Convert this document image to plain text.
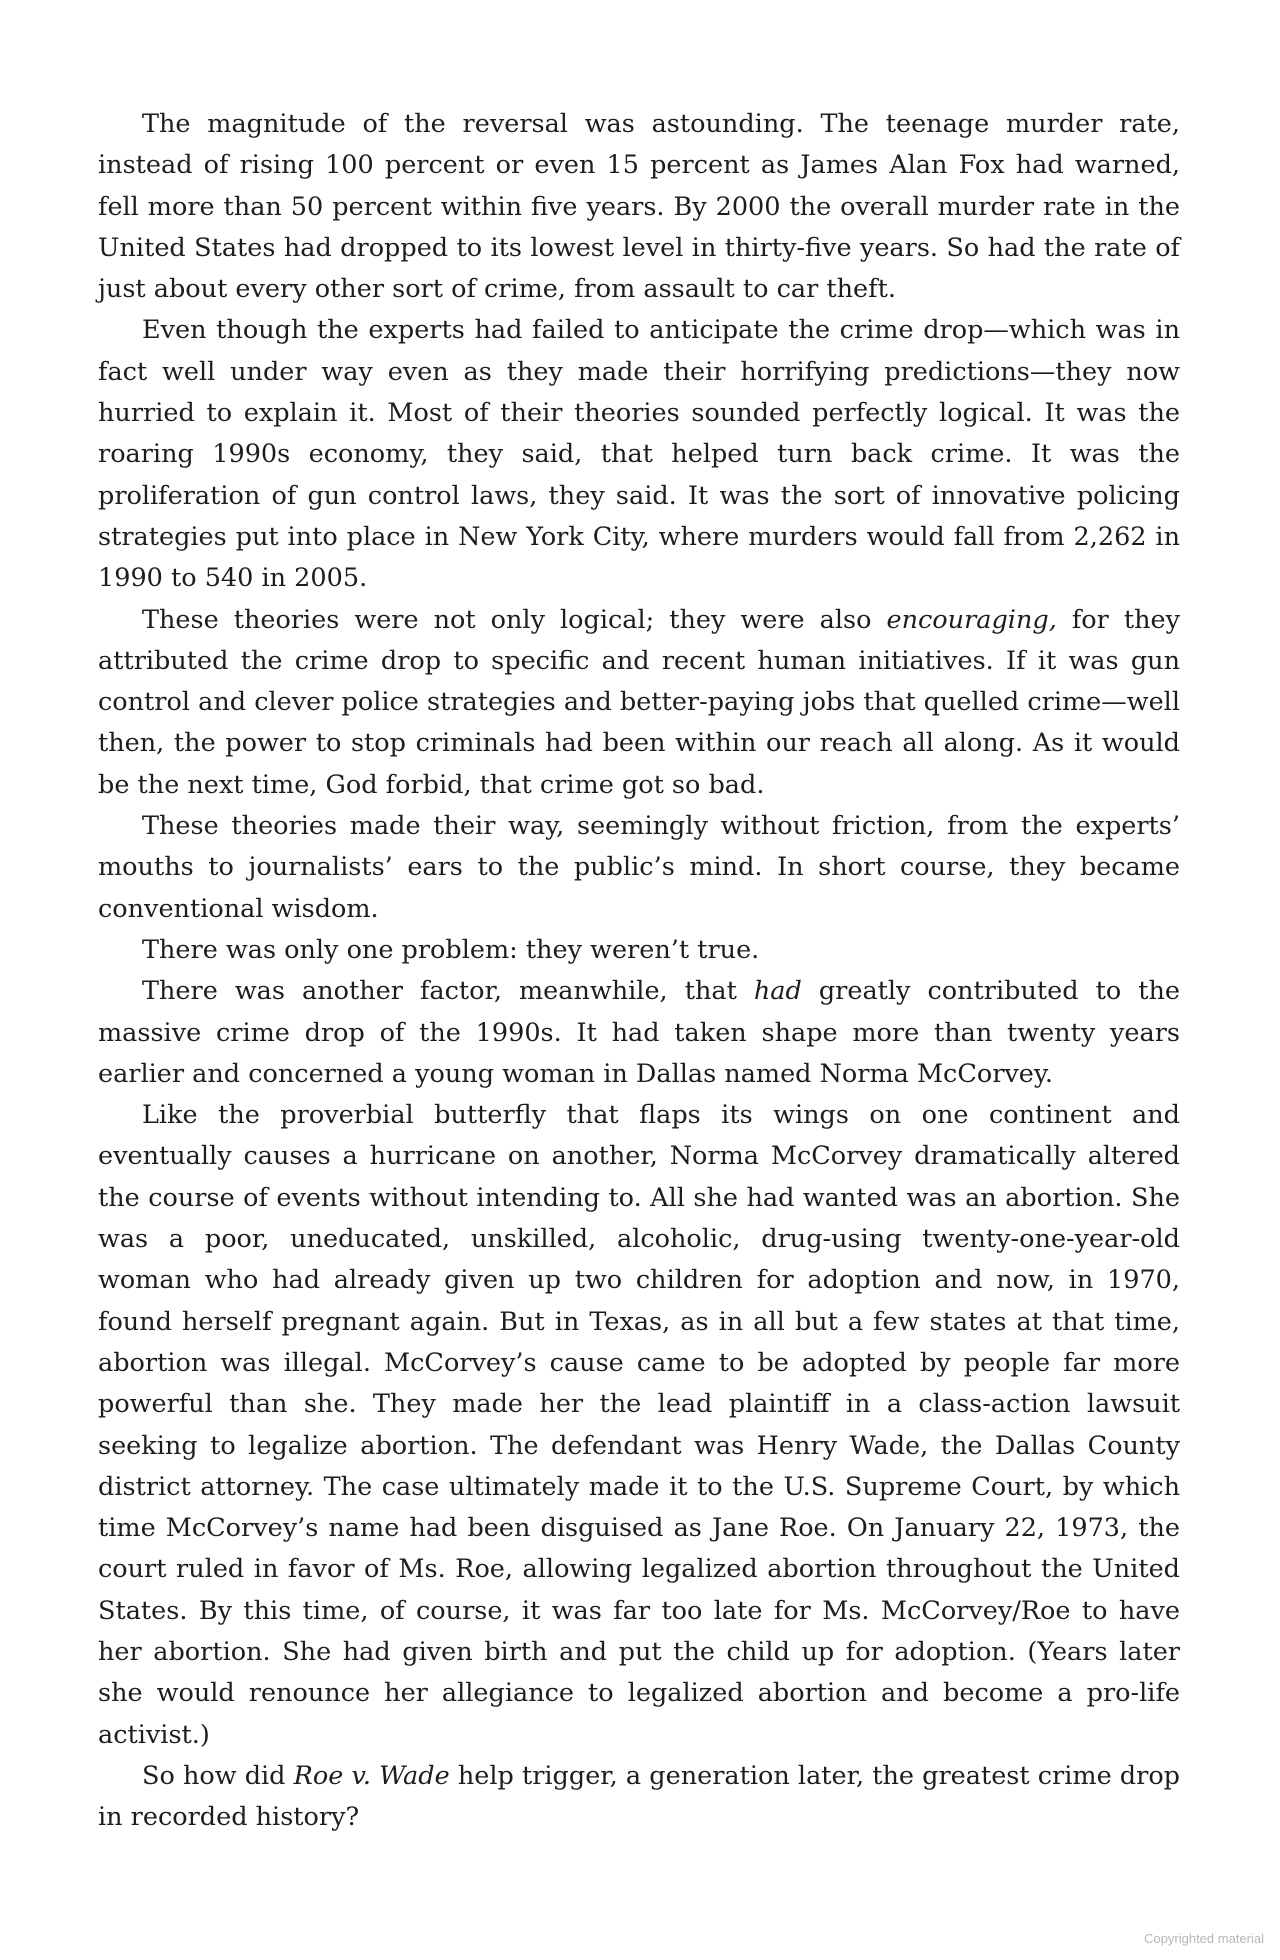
The magnitude of the reversal was astounding. The teenage murder rate, instead of rising 100 percent or even 15 percent as James Alan Fox had warned, fell more than 50 percent within five years. By 2000 the overall murder rate in the United States had dropped to its lowest level in thirty-five years. So had the rate of just about every other sort of crime, from assault to car theft.

Even though the experts had failed to anticipate the crime drop—which was in fact well under way even as they made their horrifying predictions—they now hurried to explain it. Most of their theories sounded perfectly logical. It was the roaring 1990s economy, they said, that helped turn back crime. It was the proliferation of gun control laws, they said. It was the sort of innovative policing strategies put into place in New York City, where murders would fall from 2,262 in 1990 to 540 in 2005.

These theories were not only logical; they were also encouraging, for they attributed the crime drop to specific and recent human initiatives. If it was gun control and clever police strategies and better-paying jobs that quelled crime—well then, the power to stop criminals had been within our reach all along. As it would be the next time, God forbid, that crime got so bad.

These theories made their way, seemingly without friction, from the experts’ mouths to journalists’ ears to the public’s mind. In short course, they became conventional wisdom.

There was only one problem: they weren’t true.

There was another factor, meanwhile, that had greatly contributed to the massive crime drop of the 1990s. It had taken shape more than twenty years earlier and concerned a young woman in Dallas named Norma McCorvey.

Like the proverbial butterfly that flaps its wings on one continent and eventually causes a hurricane on another, Norma McCorvey dramatically altered the course of events without intending to. All she had wanted was an abortion. She was a poor, uneducated, unskilled, alcoholic, drug-using twenty-one-year-old woman who had already given up two children for adoption and now, in 1970, found herself pregnant again. But in Texas, as in all but a few states at that time, abortion was illegal. McCorvey’s cause came to be adopted by people far more powerful than she. They made her the lead plaintiff in a class-action lawsuit seeking to legalize abortion. The defendant was Henry Wade, the Dallas County district attorney. The case ultimately made it to the U.S. Supreme Court, by which time McCorvey’s name had been disguised as Jane Roe. On January 22, 1973, the court ruled in favor of Ms. Roe, allowing legalized abortion throughout the United States. By this time, of course, it was far too late for Ms. McCorvey/Roe to have her abortion. She had given birth and put the child up for adoption. (Years later she would renounce her allegiance to legalized abortion and become a pro-life activist.)

So how did Roe v. Wade help trigger, a generation later, the greatest crime drop in recorded history?

Copyrighted material
